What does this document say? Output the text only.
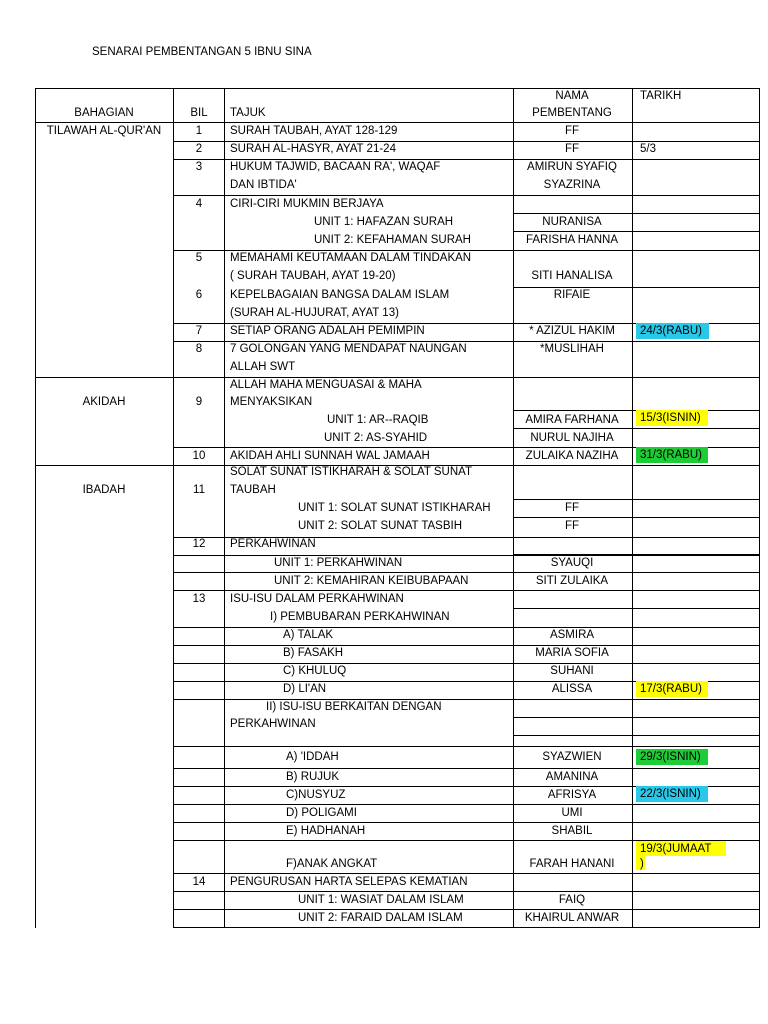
SENARAI PEMBENTANGAN 5 IBNU SINA
BAHAGIAN	BIL TAJUK
NAMA
PEMBENTANG
TARIKH
TILAWAH AL-QUR'AN
AKIDAH
IBADAH
1
2
3
4
5
6
7
8
9
10
11
12
13
14
SURAH TAUBAH, AYAT 128-129
SURAH AL-HASYR, AYAT 21-24
HUKUM TAJWID, BACAAN RA', WAQAF
DAN IBTIDA'
CIRI-CIRI MUKMIN BERJAYA
UNIT 1: HAFAZAN SURAH
UNIT 2: KEFAHAMAN SURAH
MEMAHAMI KEUTAMAAN DALAM TINDAKAN
( SURAH TAUBAH, AYAT 19-20)
KEPELBAGAIAN BANGSA DALAM ISLAM
(SURAH AL-HUJURAT, AYAT 13)
SETIAP ORANG ADALAH PEMIMPIN
7 GOLONGAN YANG MENDAPAT NAUNGAN
ALLAH SWT
ALLAH MAHA MENGUASAI & MAHA
MENYAKSIKAN
UNIT 1: AR--RAQIB
UNIT 2: AS-SYAHID
AKIDAH AHLI SUNNAH WAL JAMAAH
SOLAT SUNAT ISTIKHARAH & SOLAT SUNAT
TAUBAH
UNIT 1: SOLAT SUNAT ISTIKHARAH
UNIT 2: SOLAT SUNAT TASBIH
PERKAHWINAN
UNIT 1: PERKAHWINAN
UNIT 2: KEMAHIRAN KEIBUBAPAAN
ISU-ISU DALAM PERKAHWINAN
I) PEMBUBARAN PERKAHWINAN
A) TALAK
B) FASAKH
C) KHULUQ
D) LI'AN
II) ISU-ISU BERKAITAN DENGAN
PERKAHWINAN
A) 'IDDAH
B) RUJUK
C)NUSYUZ
D) POLIGAMI
E) HADHANAH
F)ANAK ANGKAT
PENGURUSAN HARTA SELEPAS KEMATIAN
UNIT 1: WASIAT DALAM ISLAM
UNIT 2: FARAID DALAM ISLAM
FF
FF
AMIRUN SYAFIQ
SYAZRINA
NURANISA
FARISHA HANNA
SITI HANALISA
RIFAIE
* AZIZUL HAKIM
*MUSLIHAH
AMIRA FARHANA
NURUL NAJIHA
ZULAIKA NAZIHA
FF
FF
SYAUQI
SITI ZULAIKA
ASMIRA
MARIA SOFIA
SUHANI
ALISSA
SYAZWIEN
AMANINA
AFRISYA
UMI
SHABIL
FARAH HANANI
FAIQ
KHAIRUL ANWAR
5/3
24/3(RABU)
15/3(ISNIN)
31/3(RABU)
17/3(RABU)
29/3(ISNIN)
22/3(ISNIN)
19/3(JUMAAT
)
